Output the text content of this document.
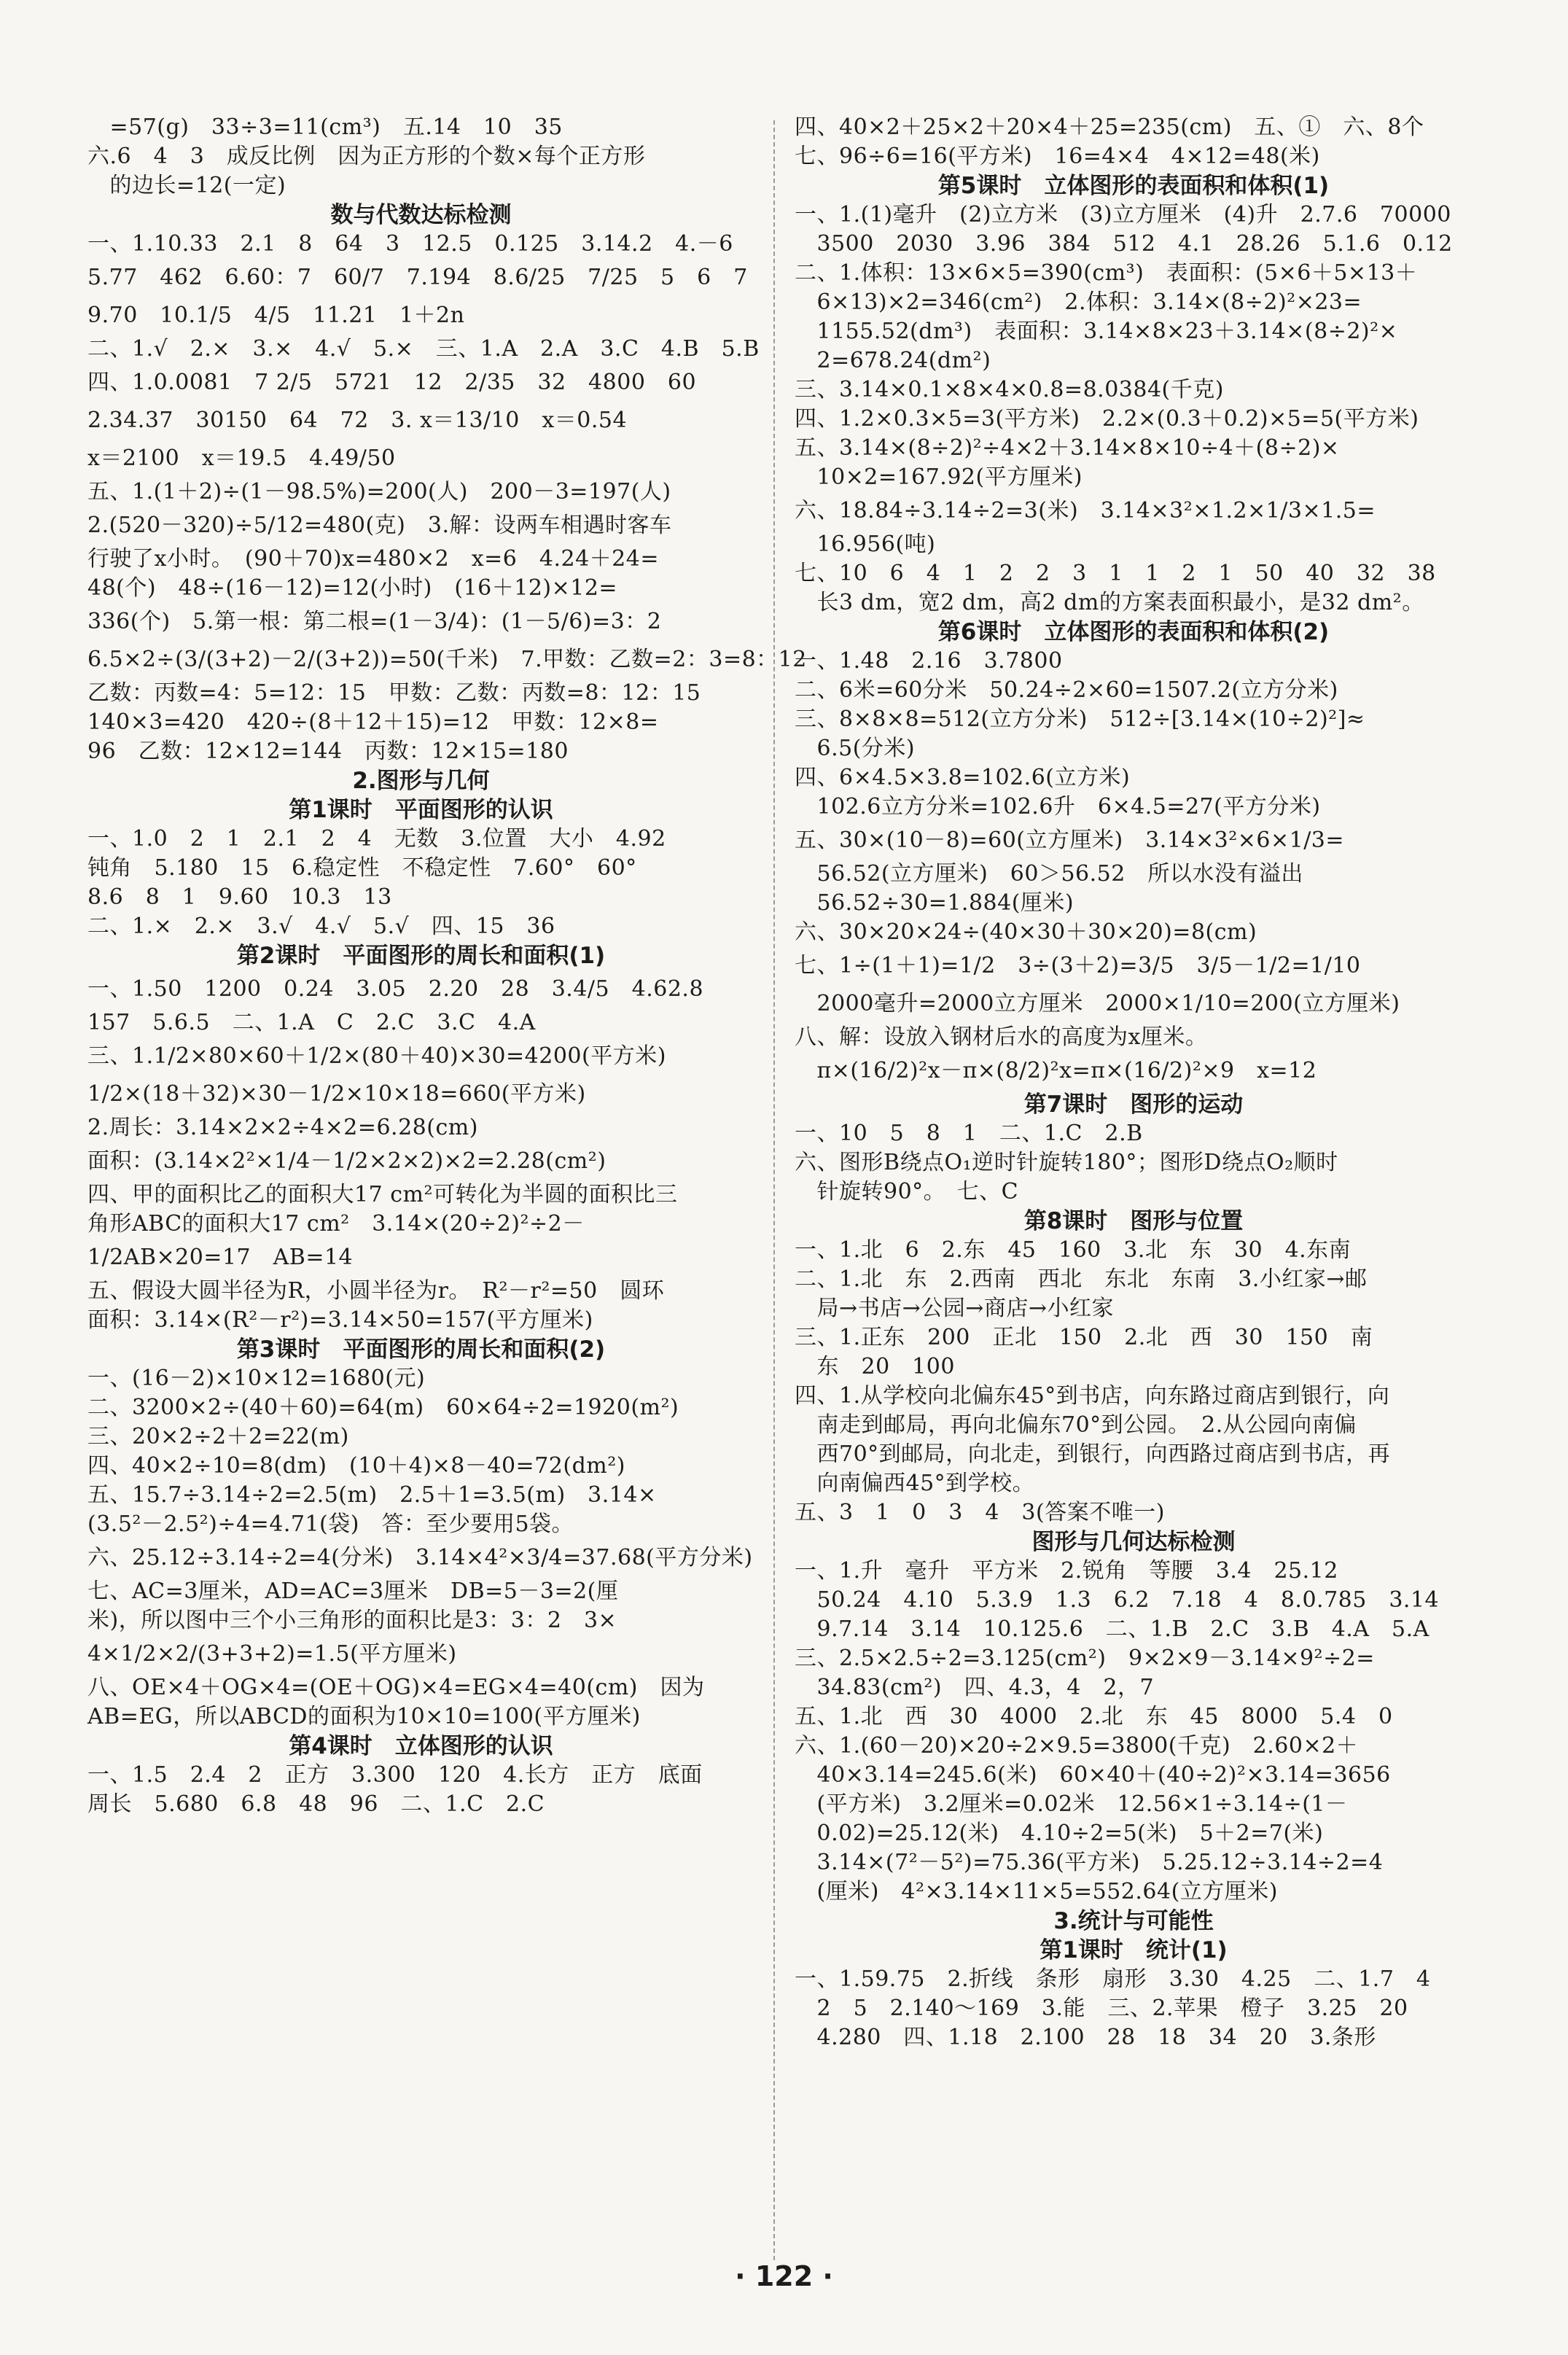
　=57(g)　33÷3=11(cm³)　五.14　10　35
六.6　4　3　成反比例　因为正方形的个数×每个正方形
　的边长=12(一定)
数与代数达标检测
一、1.10.33　2.1　8　64　3　12.5　0.125　3.14.2　4.－6
5.77　462　6.60：7　60/7　7.194　8.6/25　7/25　5　6　7
9.70　10.1/5　4/5　11.21　1＋2n
二、1.√　2.×　3.×　4.√　5.×　三、1.A　2.A　3.C　4.B　5.B
四、1.0.0081　7 2/5　5721　12　2/35　32　4800　60
2.34.37　30150　64　72　3. x＝13/10　x＝0.54
x＝2100　x＝19.5　4.49/50
五、1.(1＋2)÷(1－98.5%)=200(人)　200－3=197(人)
2.(520－320)÷5/12=480(克)　3.解：设两车相遇时客车
行驶了x小时。　(90＋70)x=480×2　x=6　4.24＋24=
48(个)　48÷(16－12)=12(小时)　(16＋12)×12=
336(个)　5.第一根：第二根=(1－3/4)：(1－5/6)=3：2
6.5×2÷(3/(3+2)－2/(3+2))=50(千米)　7.甲数：乙数=2：3=8：12
乙数：丙数=4：5=12：15　甲数：乙数：丙数=8：12：15
140×3=420　420÷(8＋12＋15)=12　甲数：12×8=
96　乙数：12×12=144　丙数：12×15=180
2.图形与几何
第1课时　平面图形的认识
一、1.0　2　1　2.1　2　4　无数　3.位置　大小　4.92
钝角　5.180　15　6.稳定性　不稳定性　7.60°　60°
8.6　8　1　9.60　10.3　13
二、1.×　2.×　3.√　4.√　5.√　四、15　36
第2课时　平面图形的周长和面积(1)
一、1.50　1200　0.24　3.05　2.20　28　3.4/5　4.62.8
157　5.6.5　二、1.A　C　2.C　3.C　4.A
三、1.1/2×80×60＋1/2×(80＋40)×30=4200(平方米)
1/2×(18＋32)×30－1/2×10×18=660(平方米)
2.周长：3.14×2×2÷4×2=6.28(cm)
面积：(3.14×2²×1/4－1/2×2×2)×2=2.28(cm²)
四、甲的面积比乙的面积大17 cm²可转化为半圆的面积比三
角形ABC的面积大17 cm²　3.14×(20÷2)²÷2－
1/2AB×20=17　AB=14
五、假设大圆半径为R，小圆半径为r。　R²－r²=50　圆环
面积：3.14×(R²－r²)=3.14×50=157(平方厘米)
第3课时　平面图形的周长和面积(2)
一、(16－2)×10×12=1680(元)
二、3200×2÷(40＋60)=64(m)　60×64÷2=1920(m²)
三、20×2÷2＋2=22(m)
四、40×2÷10=8(dm)　(10＋4)×8－40=72(dm²)
五、15.7÷3.14÷2=2.5(m)　2.5＋1=3.5(m)　3.14×
(3.5²－2.5²)÷4=4.71(袋)　答：至少要用5袋。
六、25.12÷3.14÷2=4(分米)　3.14×4²×3/4=37.68(平方分米)
七、AC=3厘米，AD=AC=3厘米　DB=5－3=2(厘
米)，所以图中三个小三角形的面积比是3：3：2　3×
4×1/2×2/(3+3+2)=1.5(平方厘米)
八、OE×4＋OG×4=(OE＋OG)×4=EG×4=40(cm)　因为
AB=EG，所以ABCD的面积为10×10=100(平方厘米)
第4课时　立体图形的认识
一、1.5　2.4　2　正方　3.300　120　4.长方　正方　底面
周长　5.680　6.8　48　96　二、1.C　2.C
四、40×2＋25×2＋20×4＋25=235(cm)　五、①　六、8个
七、96÷6=16(平方米)　16=4×4　4×12=48(米)
第5课时　立体图形的表面积和体积(1)
一、1.(1)毫升　(2)立方米　(3)立方厘米　(4)升　2.7.6　70000
　3500　2030　3.96　384　512　4.1　28.26　5.1.6　0.12
二、1.体积：13×6×5=390(cm³)　表面积：(5×6＋5×13＋
　6×13)×2=346(cm²)　2.体积：3.14×(8÷2)²×23=
　1155.52(dm³)　表面积：3.14×8×23＋3.14×(8÷2)²×
　2=678.24(dm²)
三、3.14×0.1×8×4×0.8=8.0384(千克)
四、1.2×0.3×5=3(平方米)　2.2×(0.3＋0.2)×5=5(平方米)
五、3.14×(8÷2)²÷4×2＋3.14×8×10÷4＋(8÷2)×
　10×2=167.92(平方厘米)
六、18.84÷3.14÷2=3(米)　3.14×3²×1.2×1/3×1.5=
　16.956(吨)
七、10　6　4　1　2　2　3　1　1　2　1　50　40　32　38
　长3 dm，宽2 dm，高2 dm的方案表面积最小，是32 dm²。
第6课时　立体图形的表面积和体积(2)
一、1.48　2.16　3.7800
二、6米=60分米　50.24÷2×60=1507.2(立方分米)
三、8×8×8=512(立方分米)　512÷[3.14×(10÷2)²]≈
　6.5(分米)
四、6×4.5×3.8=102.6(立方米)
　102.6立方分米=102.6升　6×4.5=27(平方分米)
五、30×(10－8)=60(立方厘米)　3.14×3²×6×1/3=
　56.52(立方厘米)　60＞56.52　所以水没有溢出
　56.52÷30=1.884(厘米)
六、30×20×24÷(40×30＋30×20)=8(cm)
七、1÷(1＋1)=1/2　3÷(3＋2)=3/5　3/5－1/2=1/10
　2000毫升=2000立方厘米　2000×1/10=200(立方厘米)
八、解：设放入钢材后水的高度为x厘米。
　π×(16/2)²x－π×(8/2)²x=π×(16/2)²×9　x=12
第7课时　图形的运动
一、10　5　8　1　二、1.C　2.B
六、图形B绕点O₁逆时针旋转180°；图形D绕点O₂顺时
　针旋转90°。　七、C
第8课时　图形与位置
一、1.北　6　2.东　45　160　3.北　东　30　4.东南
二、1.北　东　2.西南　西北　东北　东南　3.小红家→邮
　局→书店→公园→商店→小红家
三、1.正东　200　正北　150　2.北　西　30　150　南
　东　20　100
四、1.从学校向北偏东45°到书店，向东路过商店到银行，向
　南走到邮局，再向北偏东70°到公园。　2.从公园向南偏
　西70°到邮局，向北走，到银行，向西路过商店到书店，再
　向南偏西45°到学校。
五、3　1　0　3　4　3(答案不唯一)
图形与几何达标检测
一、1.升　毫升　平方米　2.锐角　等腰　3.4　25.12
　50.24　4.10　5.3.9　1.3　6.2　7.18　4　8.0.785　3.14
　9.7.14　3.14　10.125.6　二、1.B　2.C　3.B　4.A　5.A
三、2.5×2.5÷2=3.125(cm²)　9×2×9－3.14×9²÷2=
　34.83(cm²)　四、4.3，4　2，7
五、1.北　西　30　4000　2.北　东　45　8000　5.4　0
六、1.(60－20)×20÷2×9.5=3800(千克)　2.60×2＋
　40×3.14=245.6(米)　60×40＋(40÷2)²×3.14=3656
　(平方米)　3.2厘米=0.02米　12.56×1÷3.14÷(1－
　0.02)=25.12(米)　4.10÷2=5(米)　5＋2=7(米)
　3.14×(7²－5²)=75.36(平方米)　5.25.12÷3.14÷2=4
　(厘米)　4²×3.14×11×5=552.64(立方厘米)
3.统计与可能性
第1课时　统计(1)
一、1.59.75　2.折线　条形　扇形　3.30　4.25　二、1.7　4
　2　5　2.140～169　3.能　三、2.苹果　橙子　3.25　20
　4.280　四、1.18　2.100　28　18　34　20　3.条形
· 122 ·
